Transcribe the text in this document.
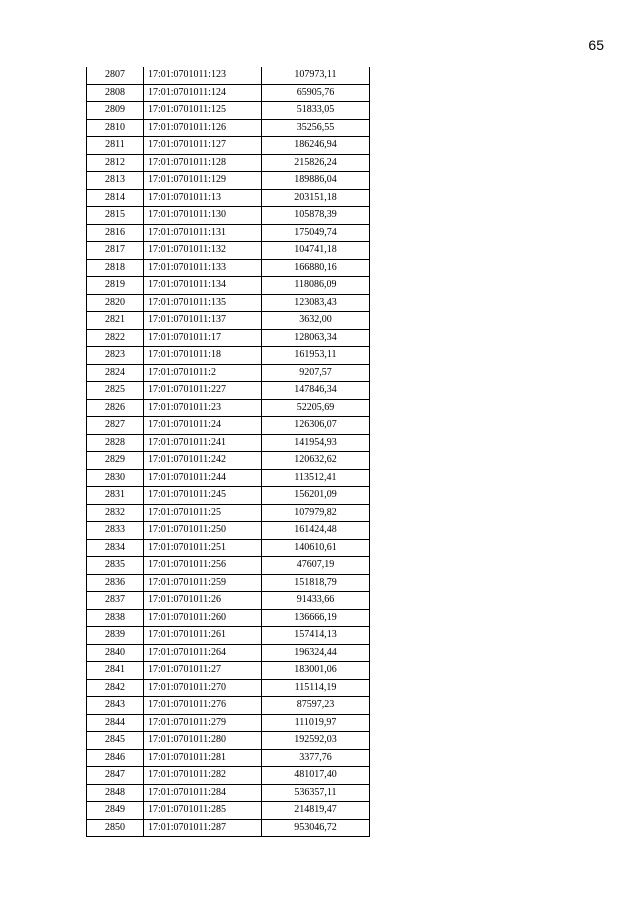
65
2807	17:01:0701011:123	107973,11
2808	17:01:0701011:124	65905,76
2809	17:01:0701011:125	51833,05
2810	17:01:0701011:126	35256,55
2811	17:01:0701011:127	186246,94
2812	17:01:0701011:128	215826,24
2813	17:01:0701011:129	189886,04
2814	17:01:0701011:13	203151,18
2815	17:01:0701011:130	105878,39
2816	17:01:0701011:131	175049,74
2817	17:01:0701011:132	104741,18
2818	17:01:0701011:133	166880,16
2819	17:01:0701011:134	118086,09
2820	17:01:0701011:135	123083,43
2821	17:01:0701011:137	3632,00
2822	17:01:0701011:17	128063,34
2823	17:01:0701011:18	161953,11
2824	17:01:0701011:2	9207,57
2825	17:01:0701011:227	147846,34
2826	17:01:0701011:23	52205,69
2827	17:01:0701011:24	126306,07
2828	17:01:0701011:241	141954,93
2829	17:01:0701011:242	120632,62
2830	17:01:0701011:244	113512,41
2831	17:01:0701011:245	156201,09
2832	17:01:0701011:25	107979,82
2833	17:01:0701011:250	161424,48
2834	17:01:0701011:251	140610,61
2835	17:01:0701011:256	47607,19
2836	17:01:0701011:259	151818,79
2837	17:01:0701011:26	91433,66
2838	17:01:0701011:260	136666,19
2839	17:01:0701011:261	157414,13
2840	17:01:0701011:264	196324,44
2841	17:01:0701011:27	183001,06
2842	17:01:0701011:270	115114,19
2843	17:01:0701011:276	87597,23
2844	17:01:0701011:279	111019,97
2845	17:01:0701011:280	192592,03
2846	17:01:0701011:281	3377,76
2847	17:01:0701011:282	481017,40
2848	17:01:0701011:284	536357,11
2849	17:01:0701011:285	214819,47
2850	17:01:0701011:287	953046,72
